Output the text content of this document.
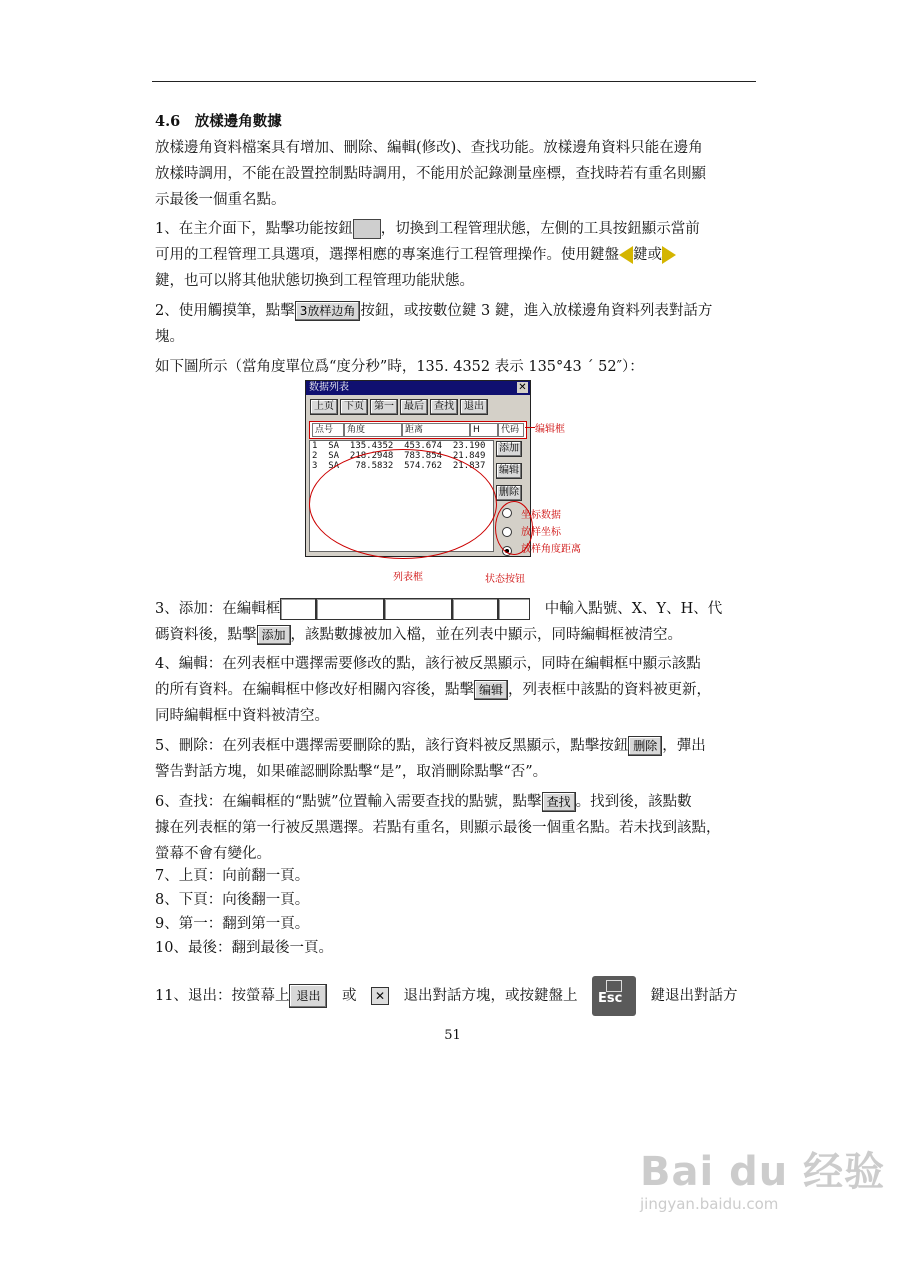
4.6　放樣邊角數據
放樣邊角資料檔案具有增加、刪除、編輯(修改)、查找功能。放樣邊角資料只能在邊角
放樣時調用，不能在設置控制點時調用，不能用於記錄測量座標，查找時若有重名則顯
示最後一個重名點。
1、在主介面下，點擊功能按鈕 ，切換到工程管理狀態，左側的工具按鈕顯示當前
可用的工程管理工具選項，選擇相應的專案進行工程管理操作。使用鍵盤 鍵或
鍵，也可以將其他狀態切換到工程管理功能狀態。
2、使用觸摸筆，點擊 3放样边角 按鈕，或按數位鍵 3 鍵，進入放樣邊角資料列表對話方
塊。
如下圖所示（當角度單位爲“度分秒”時，135. 4352 表示 135°43 ´ 52″）：
数据列表	✕
上页 下页 第一 最后 查找 退出
点号	角度	距离	H	代码
1  SA  135.4352  453.674  23.190
2  SA  218.2948  783.854  21.849
3  SA   78.5832  574.762  21.837
添加
编辑
删除
编辑框
坐标数据
放样坐标
放样角度距离
列表框	状态按钮
3、添加：在編輯框　	中輸入點號、X、Y、H、代
碼資料後，點擊 添加 ，該點數據被加入檔，並在列表中顯示，同時編輯框被清空。
4、編輯：在列表框中選擇需要修改的點，該行被反黑顯示，同時在編輯框中顯示該點
的所有資料。在編輯框中修改好相關內容後，點擊 编辑 ，列表框中該點的資料被更新，
同時編輯框中資料被清空。
5、刪除：在列表框中選擇需要刪除的點，該行資料被反黑顯示，點擊按鈕 删除 ，彈出
警告對話方塊，如果確認刪除點擊“是”，取消刪除點擊“否”。
6、查找：在編輯框的“點號”位置輸入需要查找的點號，點擊 查找 。找到後，該點數
據在列表框的第一行被反黑選擇。若點有重名，則顯示最後一個重名點。若未找到該點，
螢幕不會有變化。
7、上頁：向前翻一頁。
8、下頁：向後翻一頁。
9、第一：翻到第一頁。
10、最後：翻到最後一頁。
11、退出：按螢幕上 退出　 或　 ✕　 退出對話方塊，或按鍵盤上　 Esc
　 鍵退出對話方
51
Bai du 经验
jingyan.baidu.com
